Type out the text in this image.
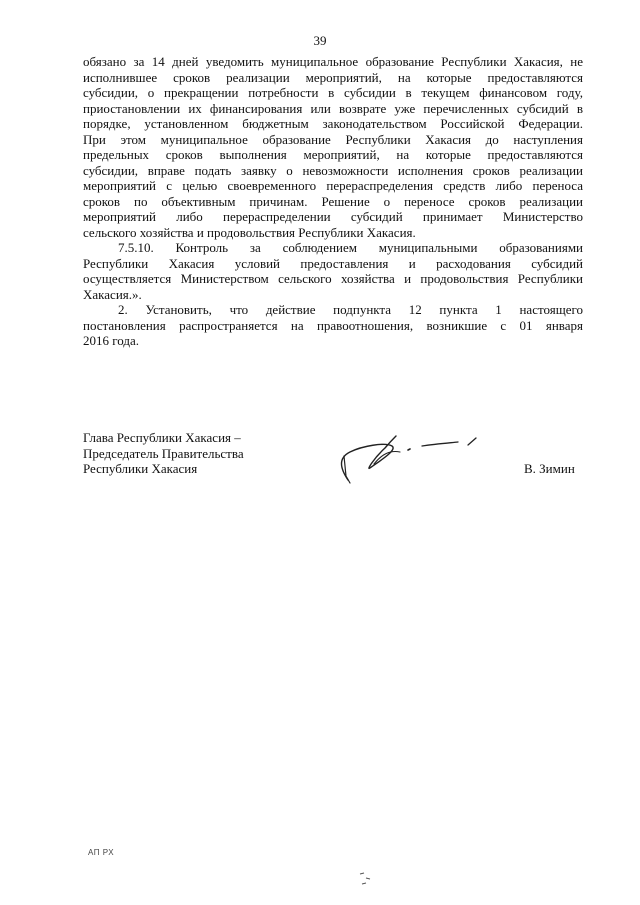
39
обязано за 14 дней уведомить муниципальное образование Республики Хакасия, не
исполнившее сроков реализации мероприятий, на которые предоставляются
субсидии, о прекращении потребности в субсидии в текущем финансовом году,
приостановлении их финансирования или возврате уже перечисленных субсидий в
порядке, установленном бюджетным законодательством Российской Федерации.
При этом муниципальное образование Республики Хакасия до наступления
предельных сроков выполнения мероприятий, на которые предоставляются
субсидии, вправе подать заявку о невозможности исполнения сроков реализации
мероприятий с целью своевременного перераспределения средств либо переноса
сроков по объективным причинам. Решение о переносе сроков реализации
мероприятий либо перераспределении субсидий принимает Министерство
сельского хозяйства и продовольствия Республики Хакасия.
7.5.10. Контроль за соблюдением муниципальными образованиями
Республики Хакасия условий предоставления и расходования субсидий
осуществляется Министерством сельского хозяйства и продовольствия Республики
Хакасия.».
2. Установить, что действие подпункта 12 пункта 1 настоящего
постановления распространяется на правоотношения, возникшие с 01 января
2016 года.
Глава Республики Хакасия –
Председатель Правительства
Республики Хакасия	В. Зимин
АП РХ
